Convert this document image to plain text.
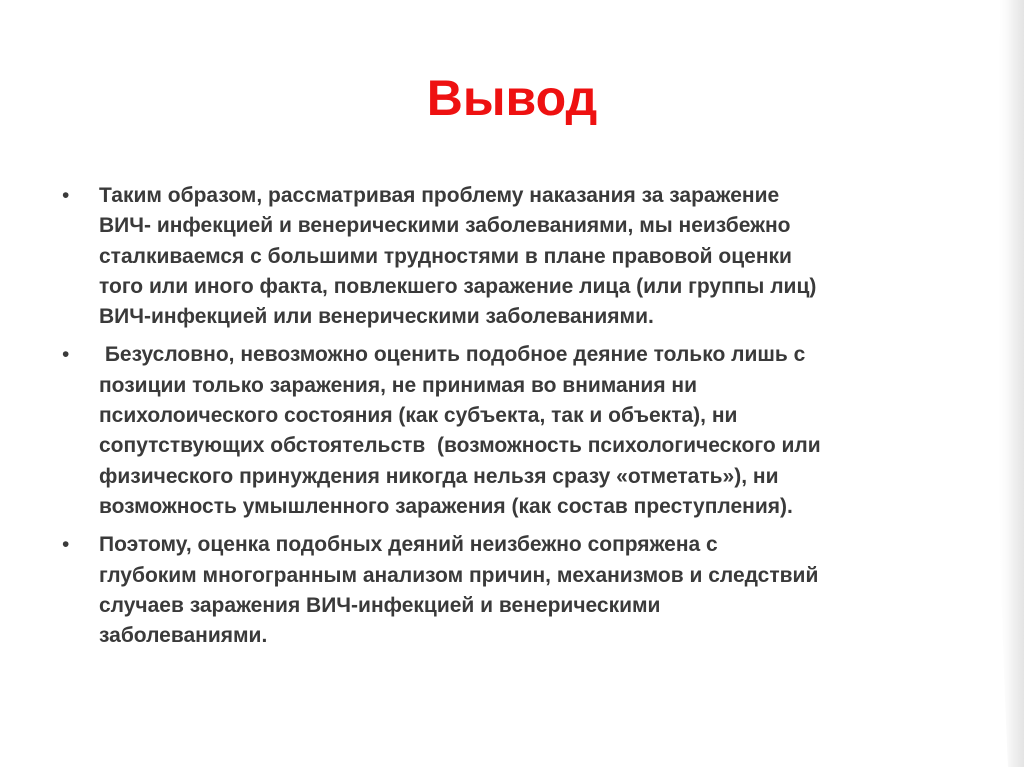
Вывод
• Таким образом, рассматривая проблему наказания за заражение
ВИЧ- инфекцией и венерическими заболеваниями, мы неизбежно
сталкиваемся с большими трудностями в плане правовой оценки
того или иного факта, повлекшего заражение лица (или группы лиц)
ВИЧ-инфекцией или венерическими заболеваниями.
• Безусловно, невозможно оценить подобное деяние только лишь с
позиции только заражения, не принимая во внимания ни
психолоического состояния (как субъекта, так и объекта), ни
сопутствующих обстоятельств  (возможность психологического или
физического принуждения никогда нельзя сразу «отметать»), ни
возможность умышленного заражения (как состав преступления).
• Поэтому, оценка подобных деяний неизбежно сопряжена с
глубоким многогранным анализом причин, механизмов и следствий
случаев заражения ВИЧ-инфекцией и венерическими
заболеваниями.
